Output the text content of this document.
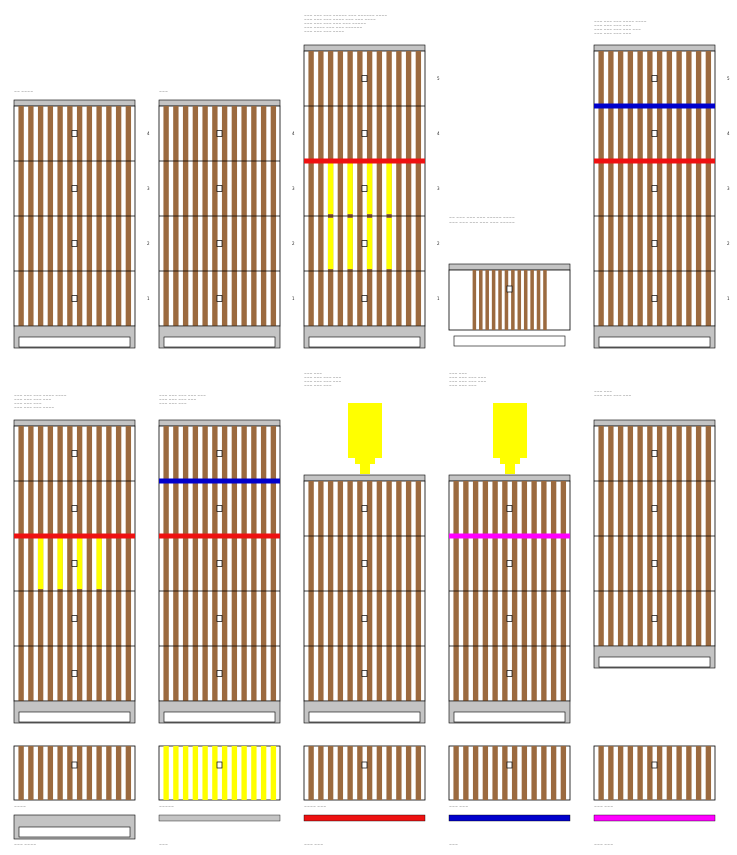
4
3
2
1
4
3
2
1
5
4
3
2
1
5
4
3
2
1

~~ ~~~~	~~~

~~~ ~~~ ~~~ ~~~~~ ~~~ ~~~~~~ ~~~~
~~~ ~~~ ~~~ ~~~~ ~~~ ~~~ ~~~~
~~~ ~~~ ~~~ ~~~ ~~~ ~~~~~
~~~ ~~~~ ~~~ ~~~ ~~~~~~
~~~ ~~~ ~~~ ~~~~

~~ ~~~ ~~~ ~~~ ~~~~~ ~~~~
~~~ ~~~ ~~~ ~~~ ~~~ ~~~~~

~~~ ~~~ ~~~ ~~~~ ~~~~
~~~ ~~~ ~~~ ~~~
~~~ ~~~ ~~~ ~~~ ~~~
~~~ ~~~ ~~~ ~~~

~~~ ~~~ ~~~ ~~~~ ~~~~
~~~ ~~~ ~~~ ~~~
~~~ ~~~ ~~~
~~~ ~~~ ~~~ ~~~~

~~~ ~~~ ~~~ ~~~ ~~~
~~~ ~~~ ~~~ ~~~
~~~ ~~~ ~~~

~~~ ~~~
~~~ ~~~ ~~~ ~~~
~~~ ~~~ ~~~ ~~~
~~~ ~~~ ~~~

~~~ ~~~
~~~ ~~~ ~~~ ~~~
~~~ ~~~ ~~~ ~~~
~~~ ~~~ ~~~

~~~ ~~~
~~~ ~~~ ~~~ ~~~

~~~~	~~~~~	~~~~ ~~~	~~~ ~~~	~~~ ~~~

~~~ ~~~~	~~~	~~~ ~~~	~~~	~~~ ~~~
